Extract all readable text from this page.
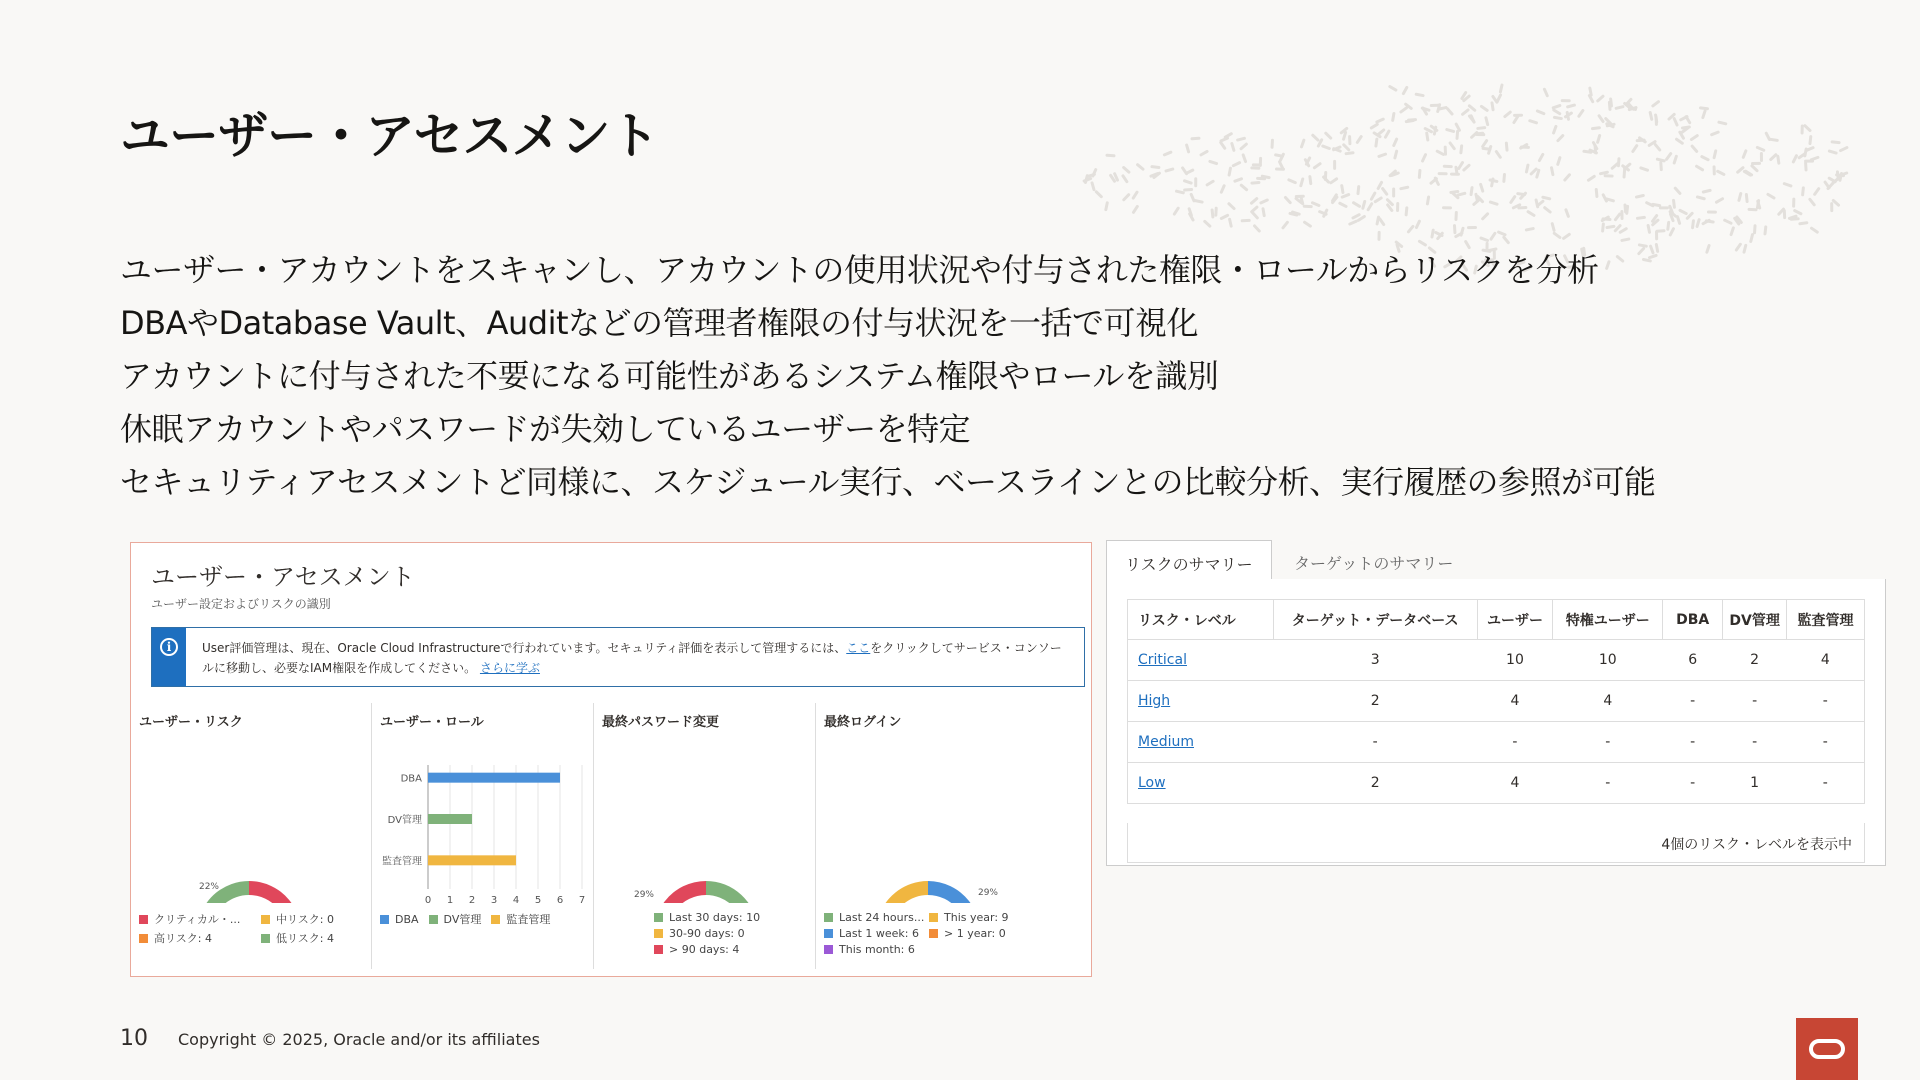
ユーザー・アセスメント
ユーザー・アカウントをスキャンし、アカウントの使用状況や付与された権限・ロールからリスクを分析
DBAやDatabase Vault、Auditなどの管理者権限の付与状況を一括で可視化
アカウントに付与された不要になる可能性があるシステム権限やロールを識別
休眠アカウントやパスワードが失効しているユーザーを特定
セキュリティアセスメントど同様に、スケジュール実行、ベースラインとの比較分析、実行履歴の参照が可能
ユーザー・アセスメント
ユーザー設定およびリスクの識別
i	User評価管理は、現在、Oracle Cloud Infrastructureで行われています。セキュリティ評価を表示して管理するには、ここをクリックしてサービス・コンソールに移動し、必要なIAM権限を作成してください。 さらに学ぶ
ユーザー・リスク
22%
クリティカル・...	中リスク: 0
高リスク: 4	低リスク: 4
ユーザー・ロール
0 1 2 3 4 5 6 7
DBA
DV管理
監査管理
DBA DV管理 監査管理
最終パスワード変更
29%
Last 30 days: 10
30-90 days: 0
> 90 days: 4
最終ログイン
29%
Last 24 hours... This year: 9
Last 1 week: 6 > 1 year: 0
This month: 6
リスクのサマリー	ターゲットのサマリー
リスク・レベル	ターゲット・データベース	ユーザー	特権ユーザー	DBA	DV管理	監査管理
Critical	3	10	10	6	2	4
High	2	4	4	-	-	-
Medium	-	-	-	-	-	-
Low	2	4	-	-	1	-
4個のリスク・レベルを表示中
10 Copyright © 2025, Oracle and/or its affiliates
